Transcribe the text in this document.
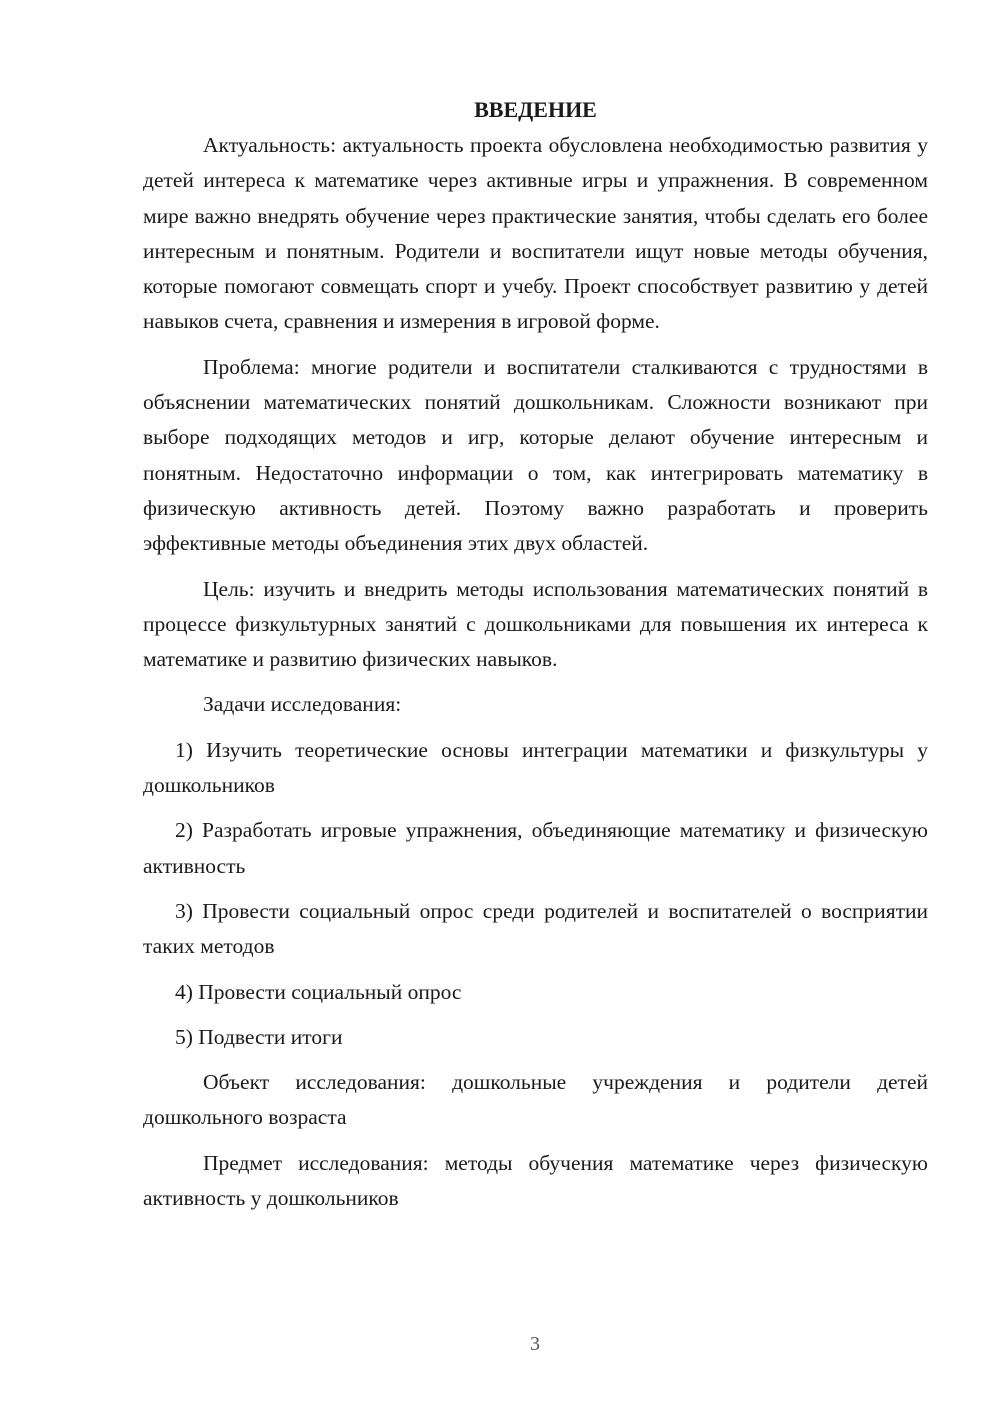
ВВЕДЕНИЕ

Актуальность: актуальность проекта обусловлена необходимостью развития у детей интереса к математике через активные игры и упражнения. В современном мире важно внедрять обучение через практические занятия, чтобы сделать его более интересным и понятным. Родители и воспитатели ищут новые методы обучения, которые помогают совмещать спорт и учебу. Проект способствует развитию у детей навыков счета, сравнения и измерения в игровой форме.

Проблема: многие родители и воспитатели сталкиваются с трудностями в объяснении математических понятий дошкольникам. Сложности возникают при выборе подходящих методов и игр, которые делают обучение интересным и понятным. Недостаточно информации о том, как интегрировать математику в физическую активность детей. Поэтому важно разработать и проверить эффективные методы объединения этих двух областей.

Цель: изучить и внедрить методы использования математических понятий в процессе физкультурных занятий с дошкольниками для повышения их интереса к математике и развитию физических навыков.

Задачи исследования:

1) Изучить теоретические основы интеграции математики и физкультуры у дошкольников

2) Разработать игровые упражнения, объединяющие математику и физическую активность

3) Провести социальный опрос среди родителей и воспитателей о восприятии таких методов

4) Провести социальный опрос

5) Подвести итоги

Объект исследования: дошкольные учреждения и родители детей дошкольного возраста

Предмет исследования: методы обучения математике через физическую активность у дошкольников

3
